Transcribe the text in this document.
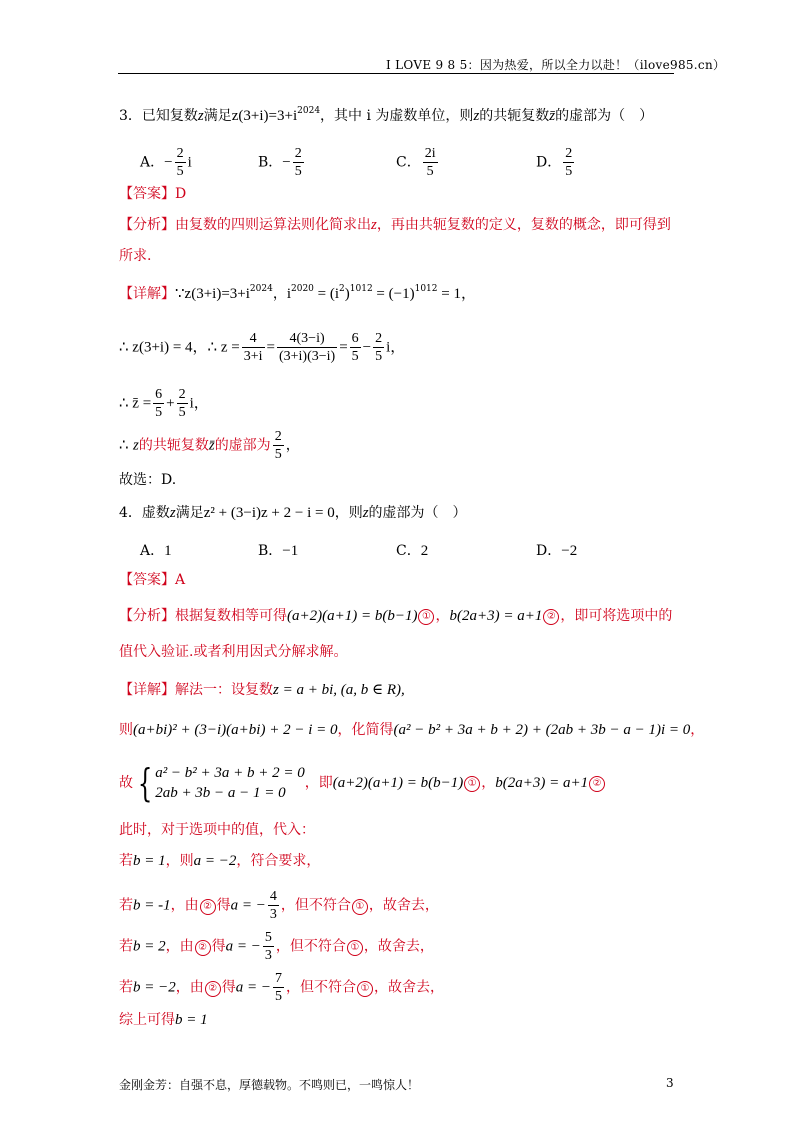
I LOVE 9 8 5：因为热爱，所以全力以赴！（ilove985.cn）
3．已知复数z满足$z(3+i)=3+i^{2024}$，其中 i 为虚数单位，则z的共轭复数z̄的虚部为（　）
A．− $\frac{2}{5}$ i	B．− $\frac{2}{5}$	C． $\frac{2i}{5}$	D． $\frac{2}{5}$
【答案】D
【分析】由复数的四则运算法则化简求出z，再由共轭复数的定义，复数的概念，即可得到
所求.
【详解】$\because z(3+i)=3+i^{2024}$，$i^{2020} = (i^2)^{1012} = (-1)^{1012} = 1$，
∴ z(3+i) = 4，∴ $z = \frac{4}{3+i} = \frac{4(3-i)}{(3+i)(3-i)} = \frac{6}{5} - \frac{2}{5}$ i，
∴ z̄ = $\frac{6}{5} + \frac{2}{5}$ i，
∴ z的共轭复数z̄的虚部为 $\frac{2}{5}$ ，
故选：D.
4．虚数z满足z² + (3−i)z + 2 − i = 0，则z的虚部为（　）
A．1	B．−1	C．2	D．−2
【答案】A
【分析】根据复数相等可得(a+2)(a+1) = b(b−1) ① ，b(2a+3) = a+1 ② ，即可将选项中的
值代入验证.或者利用因式分解求解。
【详解】解法一：设复数z = a + bi, (a, b ∈ R),
则(a+bi)² + (3−i)(a+bi) + 2 − i = 0，化简得(a² − b² + 3a + b + 2) + (2ab + 3b − a − 1)i = 0，
故 { a² − b² + 3a + b + 2 = 0
2ab + 3b − a − 1 = 0
，即(a+2)(a+1) = b(b−1) ① ，b(2a+3) = a+1 ②
此时，对于选项中的值，代入：
若b = 1，则a = −2，符合要求，
若b = -1，由 ② 得a = − $\frac{4}{3}$ ，但不符合 ① ，故舍去，
若b = 2，由 ② 得a = − $\frac{5}{3}$ ，但不符合 ① ，故舍去，
若b = −2，由 ② 得a = − $\frac{7}{5}$ ，但不符合 ① ，故舍去，
综上可得b = 1
金刚金芳：自强不息，厚德载物。不鸣则已，一鸣惊人！	3
